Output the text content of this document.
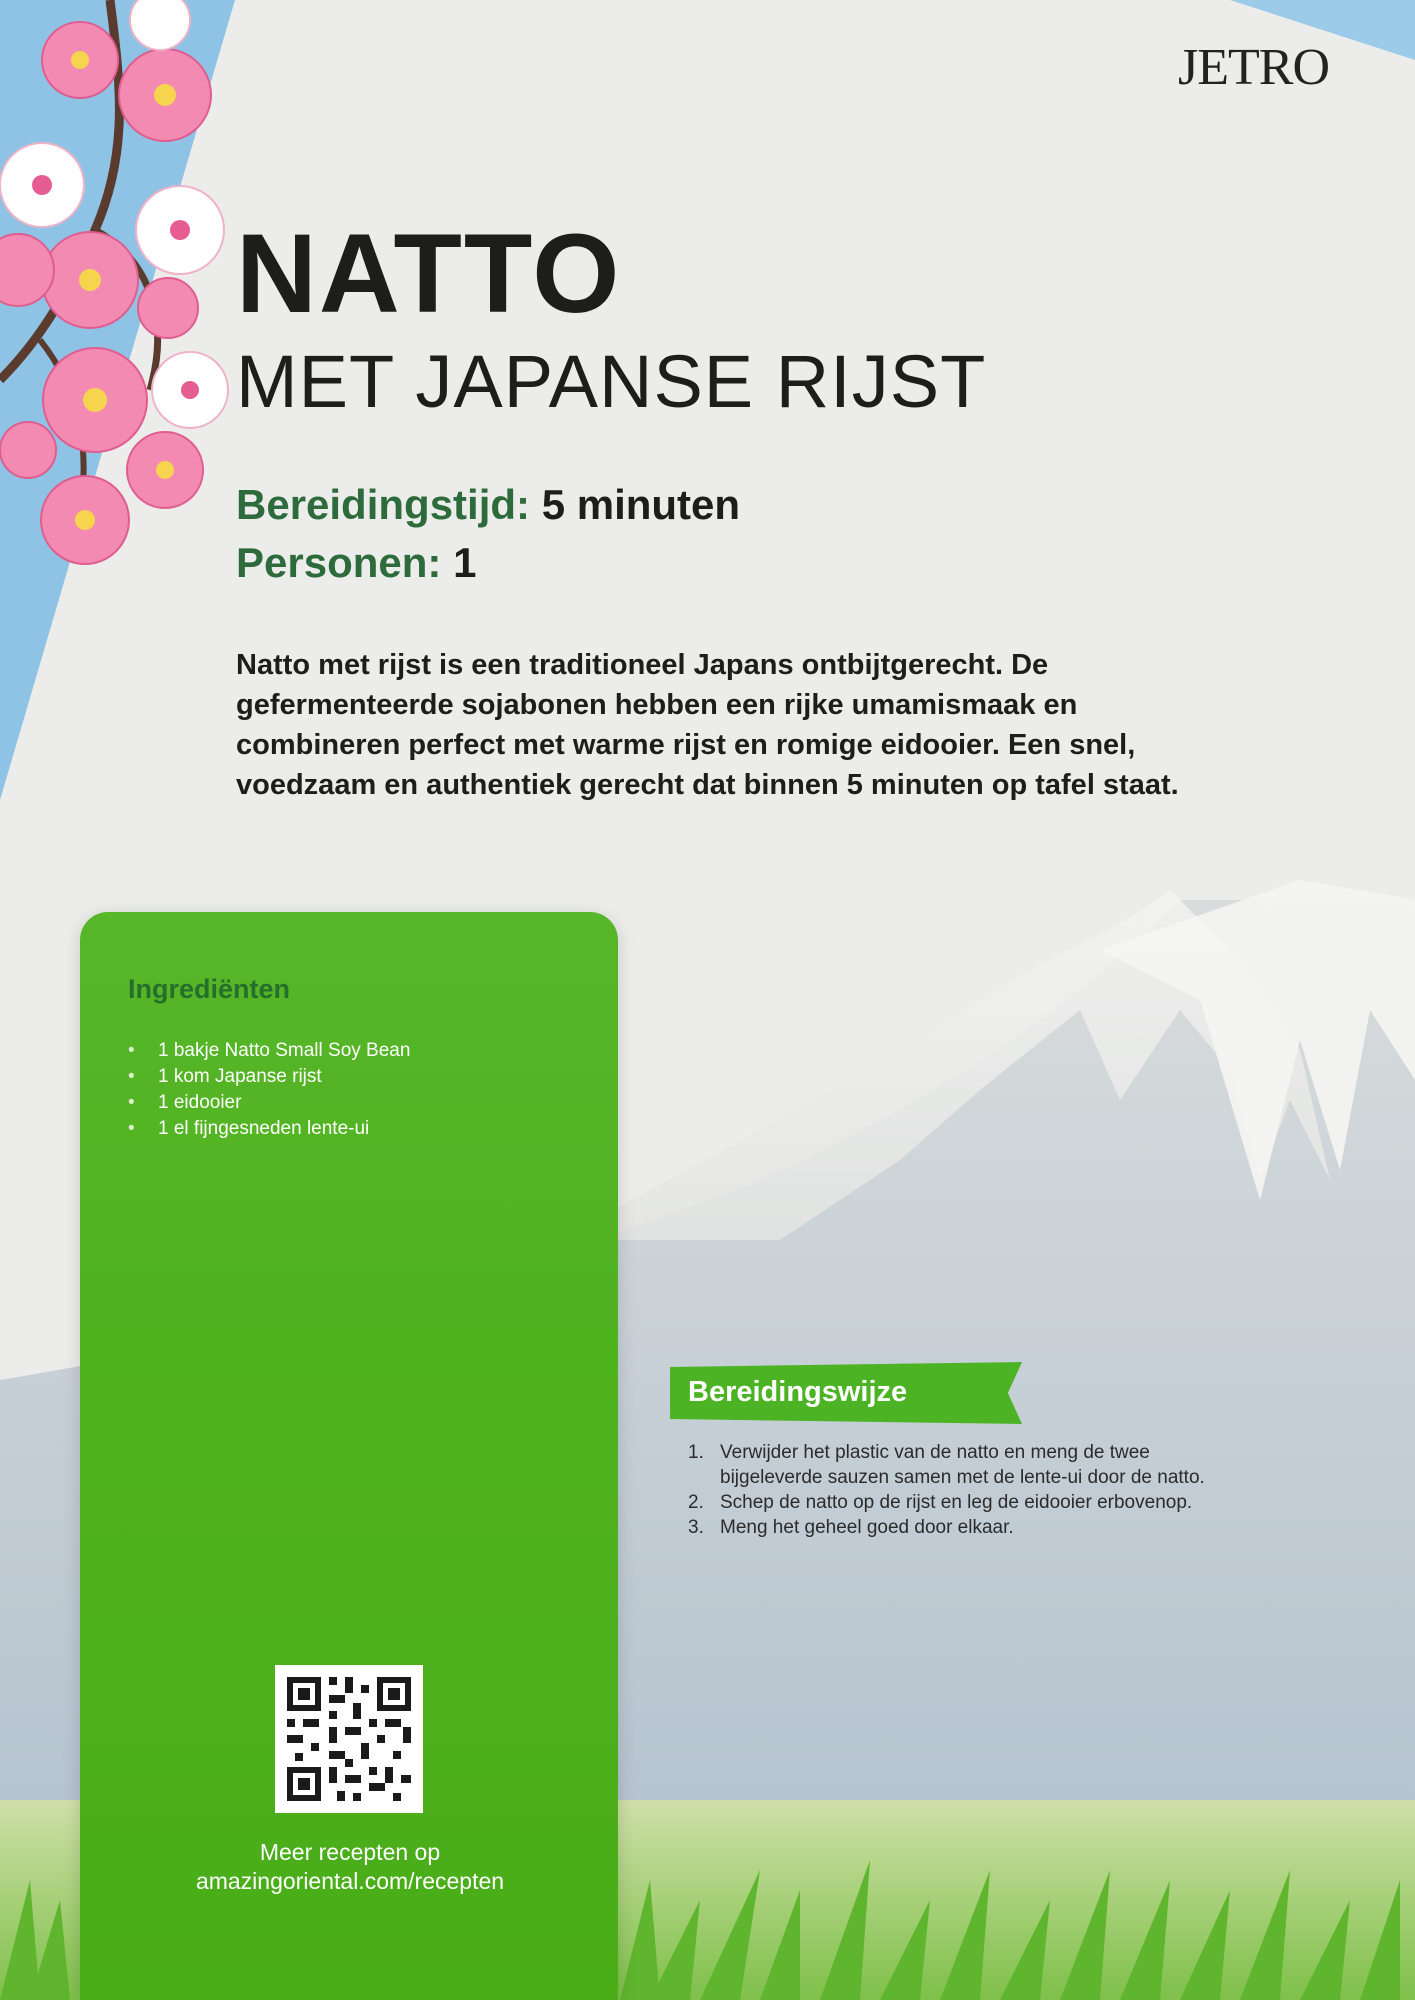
JETRO
NATTO
MET JAPANSE RIJST
Bereidingstijd: 5 minuten
Personen: 1
Natto met rijst is een traditioneel Japans ontbijtgerecht. De
gefermenteerde sojabonen hebben een rijke umamismaak en
combineren perfect met warme rijst en romige eidooier. Een snel,
voedzaam en authentiek gerecht dat binnen 5 minuten op tafel staat.
Ingrediënten
• 1 bakje Natto Small Soy Bean
• 1 kom Japanse rijst
• 1 eidooier
• 1 el fijngesneden lente-ui
Meer recepten op
amazingoriental.com/recepten
Bereidingswijze
1. Verwijder het plastic van de natto en meng de twee
bijgeleverde sauzen samen met de lente-ui door de natto.
2. Schep de natto op de rijst en leg de eidooier erbovenop.
3. Meng het geheel goed door elkaar.
